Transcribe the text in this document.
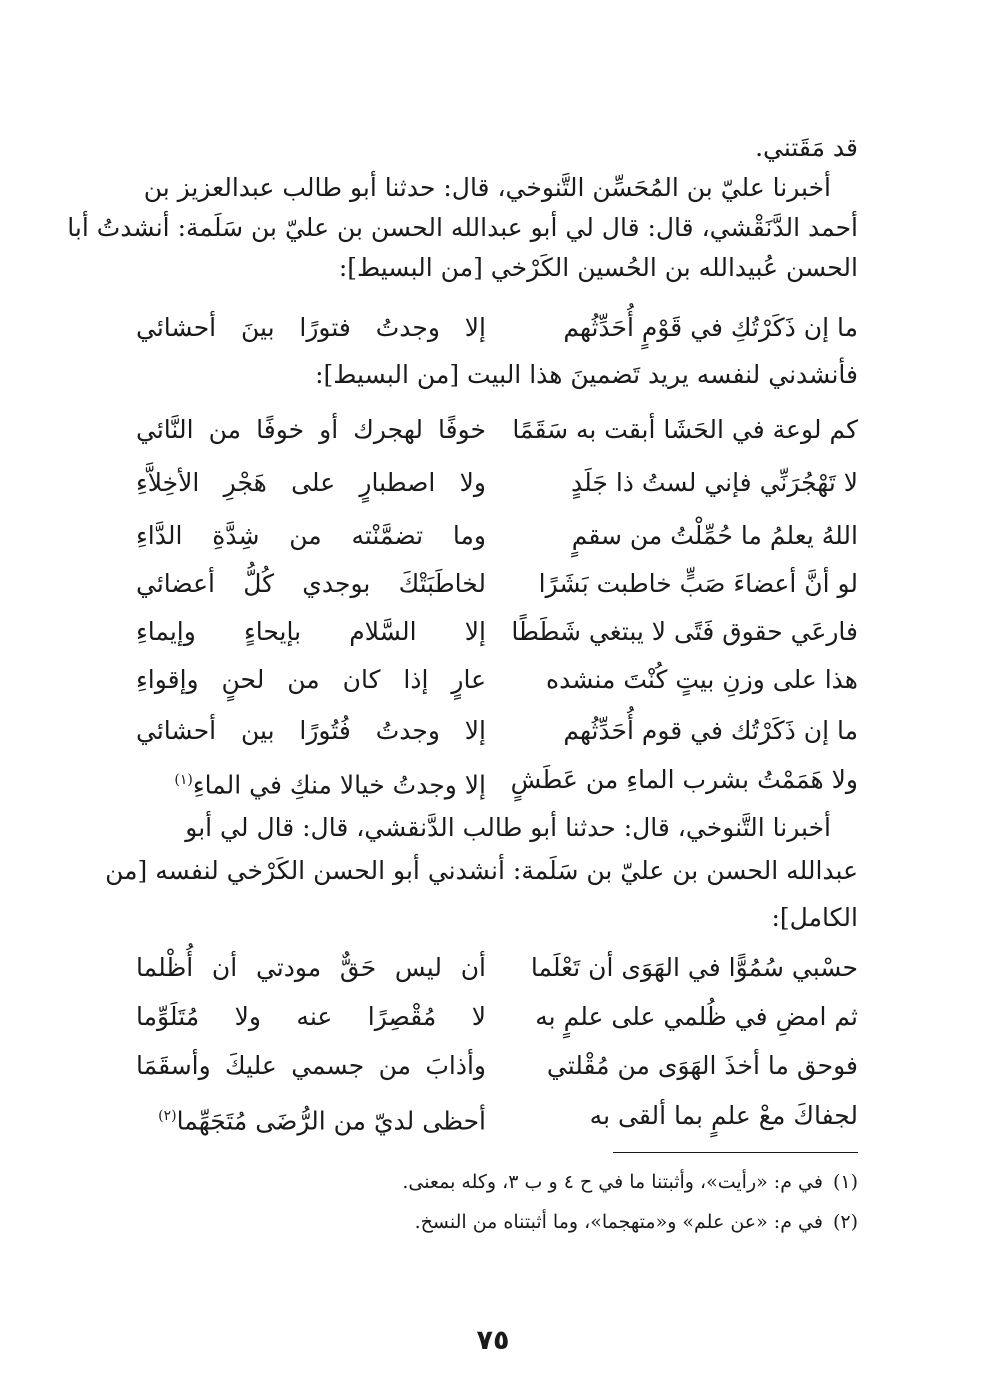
قد مَقَتني.
أخبرنا عليّ بن المُحَسِّن التَّنوخي، قال: حدثنا أبو طالب عبدالعزيز بن
أحمد الدَّنَقْشي، قال: قال لي أبو عبدالله الحسن بن عليّ بن سَلَمة: أنشدتُ أبا
الحسن عُبيدالله بن الحُسين الكَرْخي [من البسيط]:
ما إن ذَكَرْتُكِ في قَوْمٍ أُحَدِّثُهم
إلا وجدتُ فتورًا بينَ أحشائي
فأنشدني لنفسه يريد تَضمينَ هذا البيت [من البسيط]:
كم لوعة في الحَشَا أبقت به سَقَمًا
خوفًا لهجرك أو خوفًا من النَّائي
لا تَهْجُرَنِّي فإني لستُ ذا جَلَدٍ
ولا اصطبارٍ على هَجْرِ الأخِلاَّءِ
اللهُ يعلمُ ما حُمِّلْتُ من سقمٍ
وما تضمَّنْته من شِدَّةِ الدَّاءِ
لو أنَّ أعضاءَ صَبٍّ خاطبت بَشَرًا
لخاطَبَتْكَ بوجدي كُلُّ أعضائي
فارعَي حقوق فَتًى لا يبتغي شَطَطًا
إلا السَّلام بإيحاءٍ وإيماءِ
هذا على وزنِ بيتٍ كُنْتَ منشده
عارٍ إذا كان من لحنٍ وإقواءِ
ما إن ذَكَرْتُك في قوم أُحَدِّثُهم
إلا وجدتُ فُتُورًا بين أحشائي
ولا هَمَمْتُ بشرب الماءِ من عَطَشٍ
إلا وجدتُ خيالا منكِ في الماءِ$^{(١)}$
أخبرنا التَّنوخي، قال: حدثنا أبو طالب الدَّنقشي، قال: قال لي أبو
عبدالله الحسن بن عليّ بن سَلَمة: أنشدني أبو الحسن الكَرْخي لنفسه [من
الكامل]:
حسْبي سُمُوًّا في الهَوَى أن تَعْلَما
أن ليس حَقٌّ مودتي أن أُظْلما
ثم امضِ في ظُلمي على علمٍ به
لا مُقْصِرًا عنه ولا مُتَلَوِّما
فوحق ما أخذَ الهَوَى من مُقْلتي
وأذابَ من جسمي عليكَ وأسقَمَا
لجفاكَ معْ علمٍ بما ألقى به
أحظى لديّ من الرُّضَى مُتَجَهِّما$^{(٢)}$
(١)في م: «رأيت»، وأثبتنا ما في ح ٤ و ب ٣، وكله بمعنى.
(٢)في م: «عن علم» و«متهجما»، وما أثبتناه من النسخ.
٧٥
